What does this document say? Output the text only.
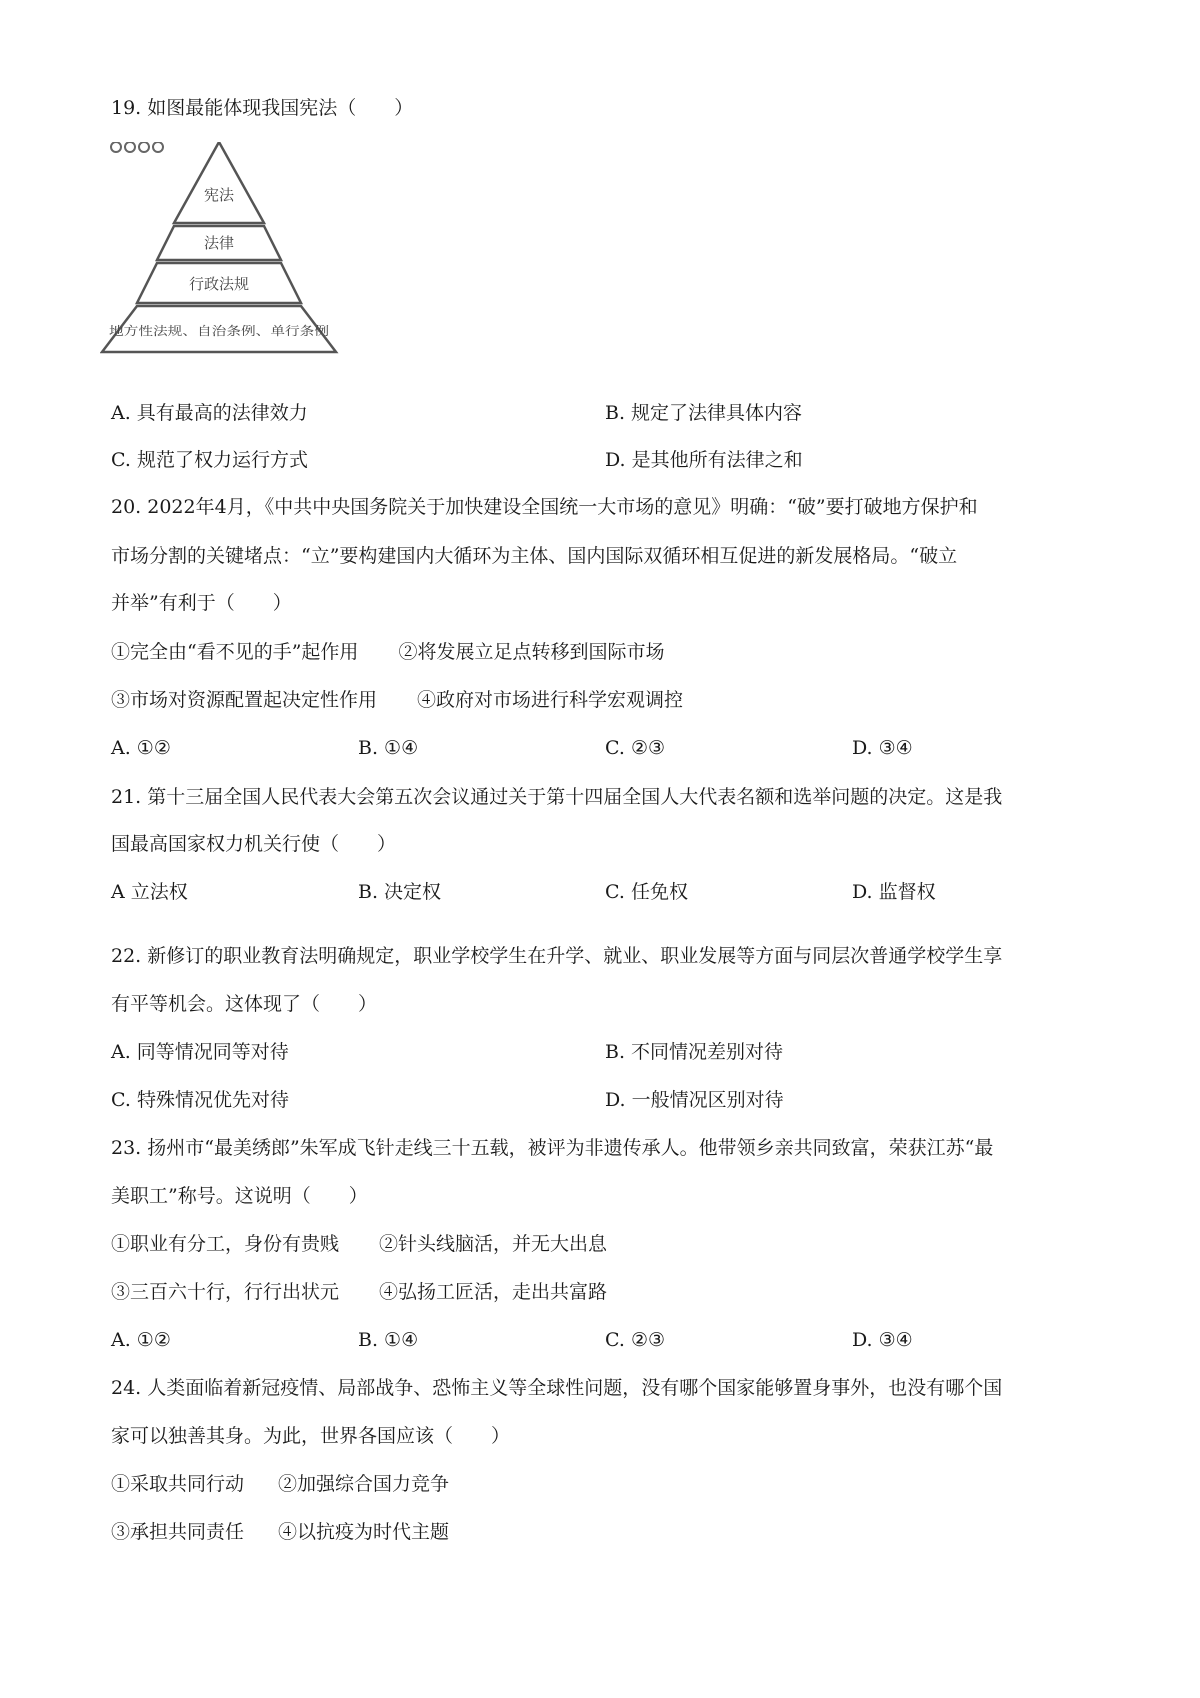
19. 如图最能体现我国宪法（　　）
宪法
法律
行政法规
地方性法规、自治条例、单行条例
A. 具有最高的法律效力	B. 规定了法律具体内容
C. 规范了权力运行方式	D. 是其他所有法律之和
20. 2022年4月，《中共中央国务院关于加快建设全国统一大市场的意见》明确：“破”要打破地方保护和
市场分割的关键堵点：“立”要构建国内大循环为主体、国内国际双循环相互促进的新发展格局。“破立
并举”有利于（　　）
①完全由“看不见的手”起作用 ②将发展立足点转移到国际市场
③市场对资源配置起决定性作用 ④政府对市场进行科学宏观调控
A. ①②	B. ①④	C. ②③	D. ③④
21. 第十三届全国人民代表大会第五次会议通过关于第十四届全国人大代表名额和选举问题的决定。这是我
国最高国家权力机关行使（　　）
A 立法权	B. 决定权	C. 任免权	D. 监督权
22. 新修订的职业教育法明确规定，职业学校学生在升学、就业、职业发展等方面与同层次普通学校学生享
有平等机会。这体现了（　　）
A. 同等情况同等对待	B. 不同情况差别对待
C. 特殊情况优先对待	D. 一般情况区别对待
23. 扬州市“最美绣郎”朱军成飞针走线三十五载，被评为非遗传承人。他带领乡亲共同致富，荣获江苏“最
美职工”称号。这说明（　　）
①职业有分工，身份有贵贱 ②针头线脑活，并无大出息
③三百六十行，行行出状元 ④弘扬工匠活，走出共富路
A. ①②	B. ①④	C. ②③	D. ③④
24. 人类面临着新冠疫情、局部战争、恐怖主义等全球性问题，没有哪个国家能够置身事外，也没有哪个国
家可以独善其身。为此，世界各国应该（　　）
①采取共同行动 ②加强综合国力竞争
③承担共同责任 ④以抗疫为时代主题
